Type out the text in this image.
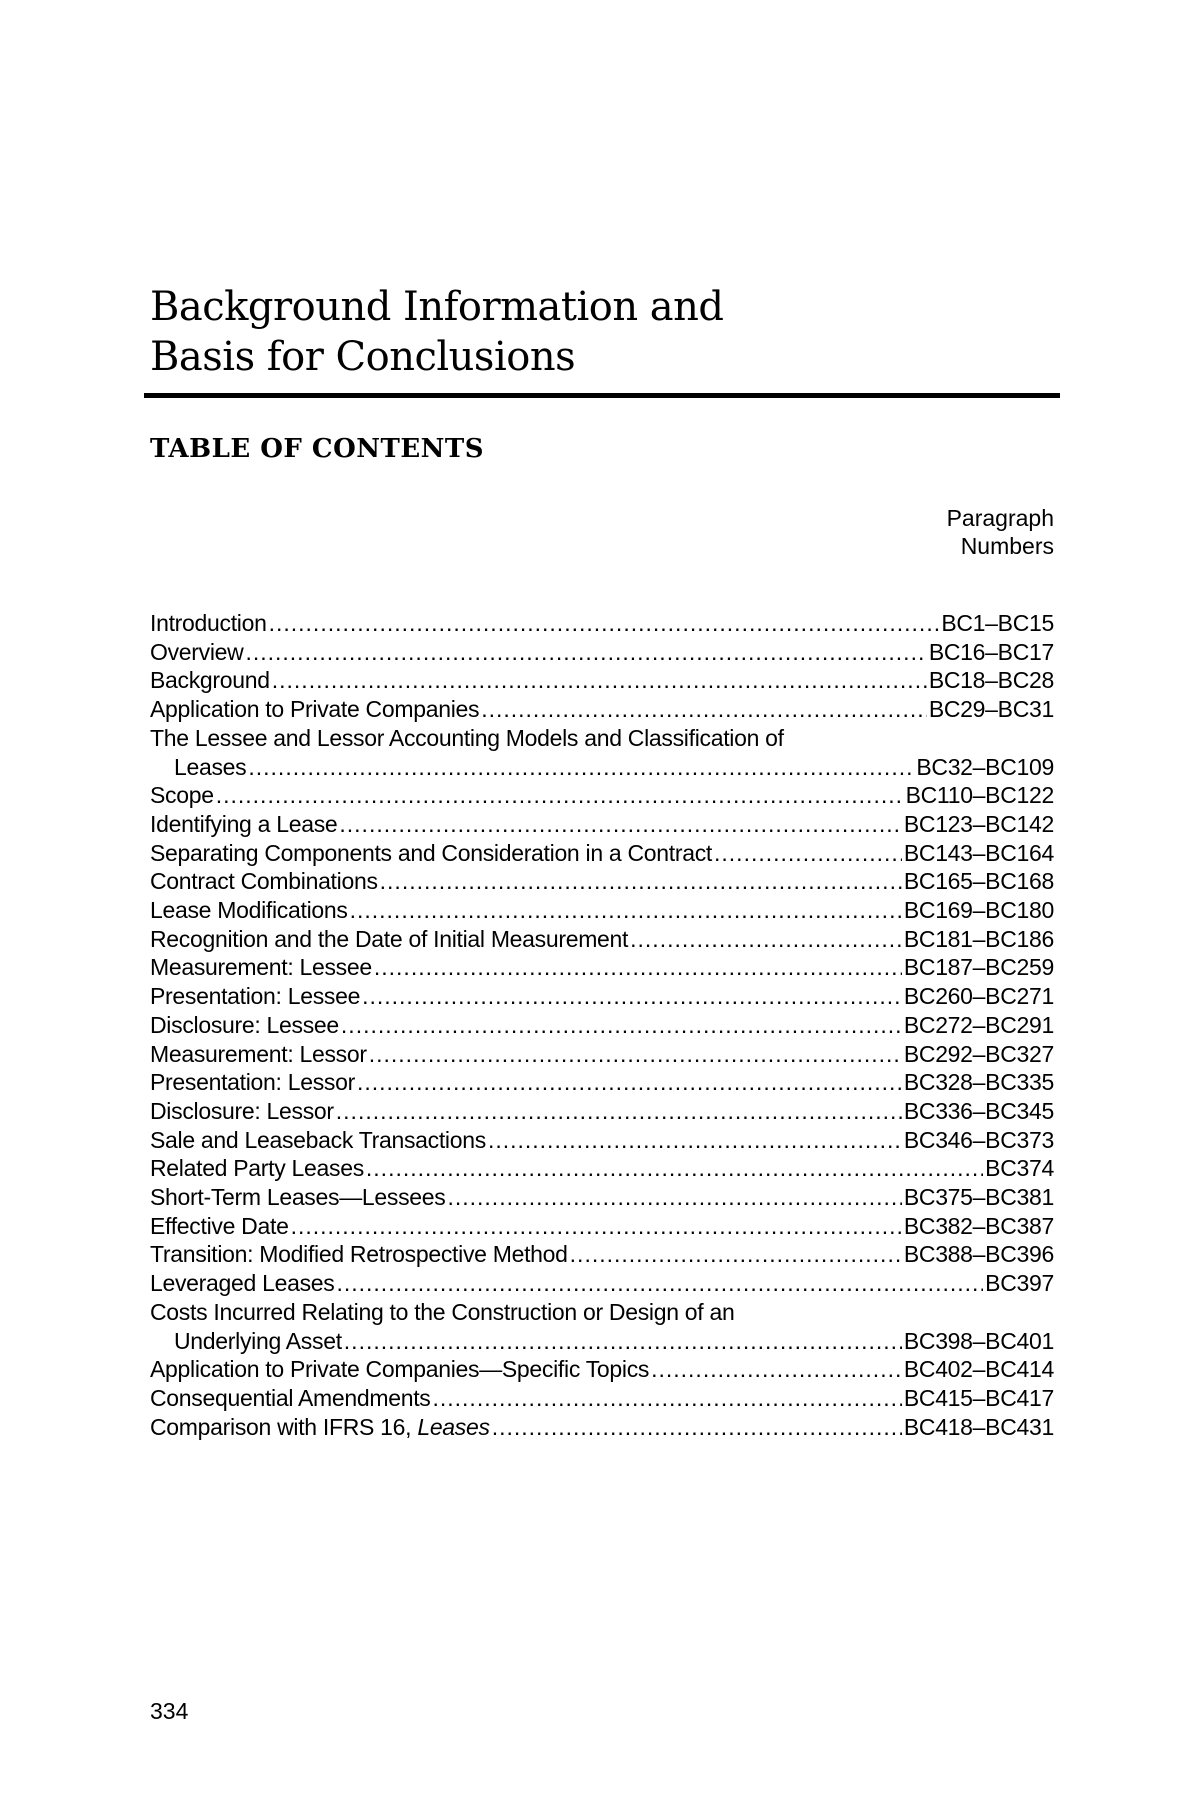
Background Information and
Basis for Conclusions
TABLE OF CONTENTS
Paragraph
Numbers
Introduction .....	BC1–BC15
Overview .....	BC16–BC17
Background .....	BC18–BC28
Application to Private Companies .....	BC29–BC31
The Lessee and Lessor Accounting Models and Classification of
Leases .....	BC32–BC109
Scope .....	BC110–BC122
Identifying a Lease .....	BC123–BC142
Separating Components and Consideration in a Contract .....	BC143–BC164
Contract Combinations .....	BC165–BC168
Lease Modifications .....	BC169–BC180
Recognition and the Date of Initial Measurement .....	BC181–BC186
Measurement: Lessee .....	BC187–BC259
Presentation: Lessee .....	BC260–BC271
Disclosure: Lessee .....	BC272–BC291
Measurement: Lessor .....	BC292–BC327
Presentation: Lessor .....	BC328–BC335
Disclosure: Lessor .....	BC336–BC345
Sale and Leaseback Transactions .....	BC346–BC373
Related Party Leases .....	BC374
Short-Term Leases—Lessees .....	BC375–BC381
Effective Date .....	BC382–BC387
Transition: Modified Retrospective Method .....	BC388–BC396
Leveraged Leases .....	BC397
Costs Incurred Relating to the Construction or Design of an
Underlying Asset .....	BC398–BC401
Application to Private Companies—Specific Topics .....	BC402–BC414
Consequential Amendments .....	BC415–BC417
Comparison with IFRS 16, Leases .....	BC418–BC431
334
